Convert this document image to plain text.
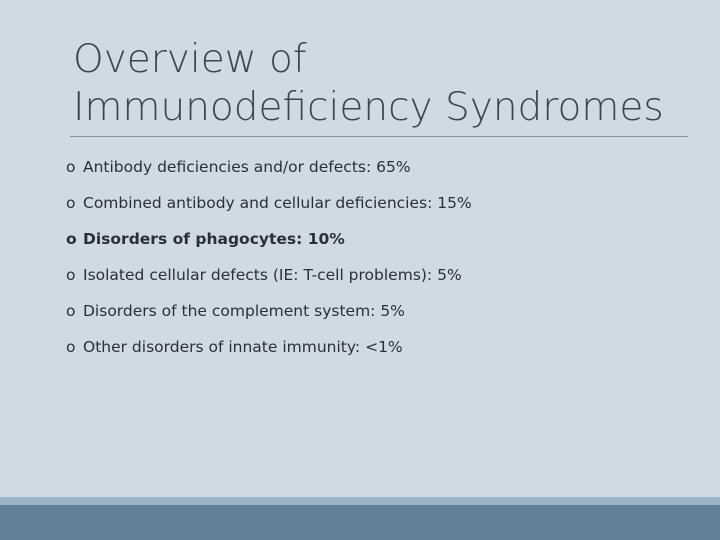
Overview of
Immunodeficiency Syndromes
o Antibody deficiencies and/or defects: 65%
o Combined antibody and cellular deficiencies: 15%
o Disorders of phagocytes: 10%
o Isolated cellular defects (IE: T-cell problems): 5%
o Disorders of the complement system: 5%
o Other disorders of innate immunity: <1%
